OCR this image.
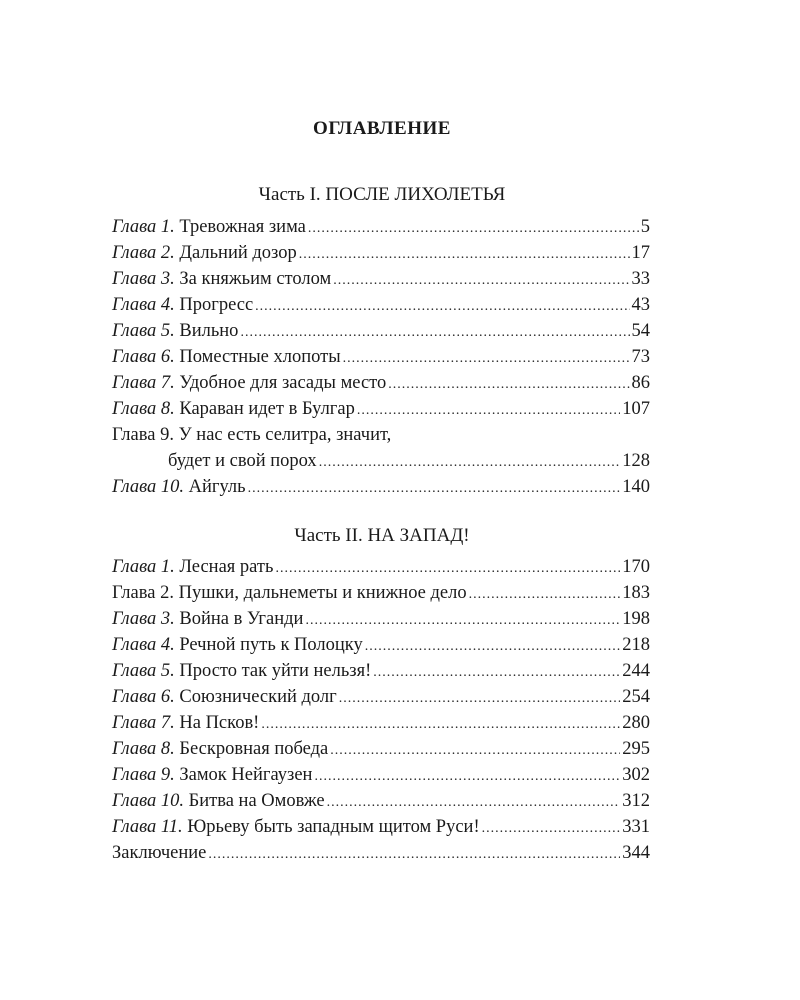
ОГЛАВЛЕНИЕ
Часть I. ПОСЛЕ ЛИХОЛЕТЬЯ
Глава 1. Тревожная зима .....	5
Глава 2. Дальний дозор .....	17
Глава 3. За княжьим столом .....	33
Глава 4. Прогресс .....	43
Глава 5. Вильно .....	54
Глава 6. Поместные хлопоты .....	73
Глава 7. Удобное для засады место .....	86
Глава 8. Караван идет в Булгар .....	107
Глава 9. У нас есть селитра, значит,
будет и свой порох .....	128
Глава 10. Айгуль .....	140
Часть II. НА ЗАПАД!
Глава 1. Лесная рать .....	170
Глава 2. Пушки, дальнеметы и книжное дело .....	183
Глава 3. Война в Уганди .....	198
Глава 4. Речной путь к Полоцку .....	218
Глава 5. Просто так уйти нельзя! .....	244
Глава 6. Союзнический долг .....	254
Глава 7. На Псков! .....	280
Глава 8. Бескровная победа .....	295
Глава 9. Замок Нейгаузен .....	302
Глава 10. Битва на Омовже .....	312
Глава 11. Юрьеву быть западным щитом Руси! .....	331
Заключение .....	344
